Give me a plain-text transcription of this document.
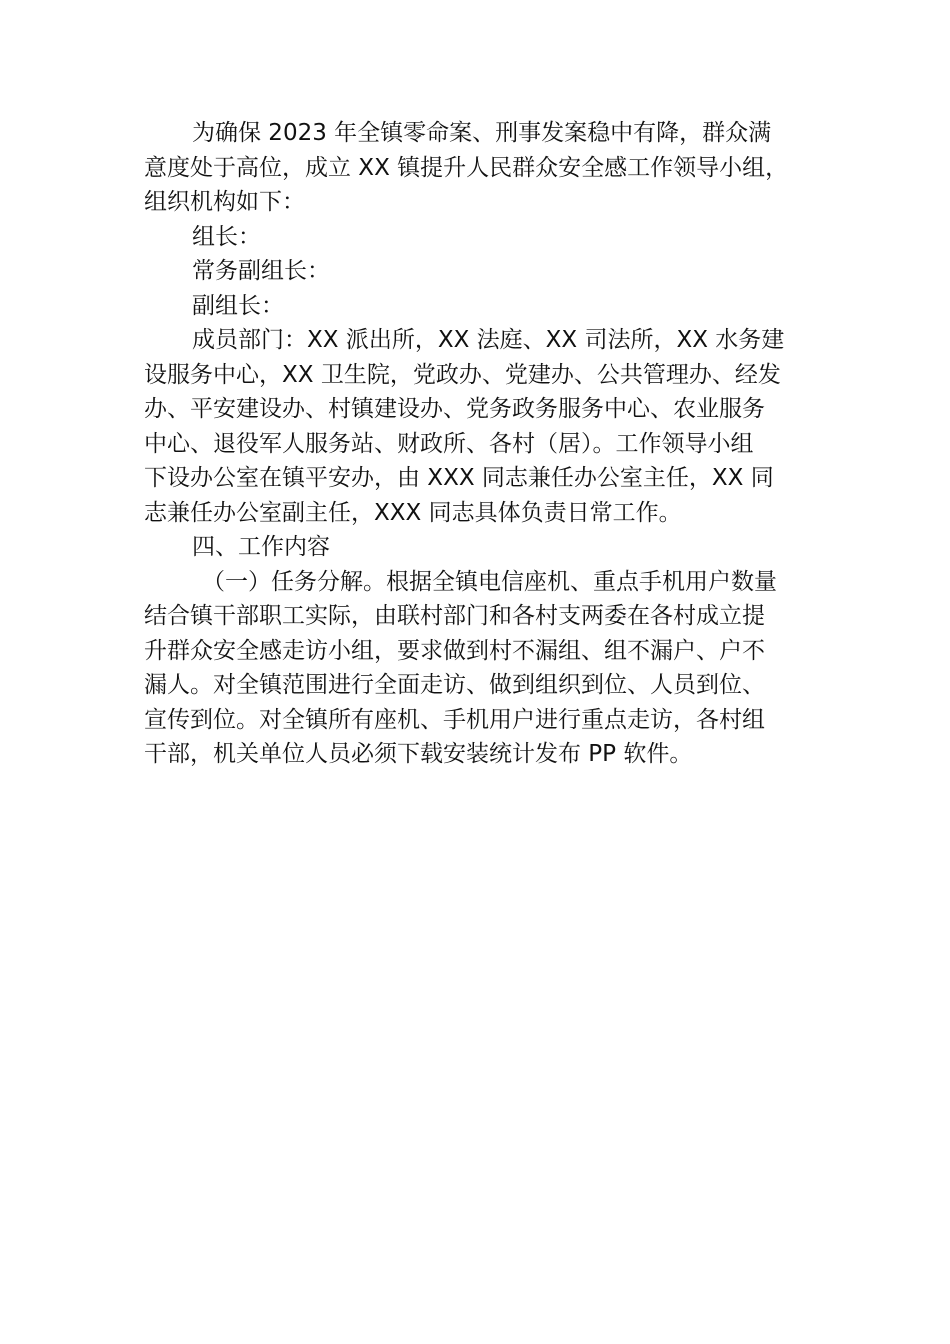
为确保 2023 年全镇零命案、刑事发案稳中有降，群众满
意度处于高位，成立 XX 镇提升人民群众安全感工作领导小组，
组织机构如下：

组长：

常务副组长：

副组长：

成员部门：XX 派出所，XX 法庭、XX 司法所，XX 水务建
设服务中心，XX 卫生院，党政办、党建办、公共管理办、经发
办、平安建设办、村镇建设办、党务政务服务中心、农业服务
中心、退役军人服务站、财政所、各村（居）。工作领导小组
下设办公室在镇平安办，由 XXX 同志兼任办公室主任，XX 同
志兼任办公室副主任，XXX 同志具体负责日常工作。

四、工作内容

（一）任务分解。根据全镇电信座机、重点手机用户数量
结合镇干部职工实际，由联村部门和各村支两委在各村成立提
升群众安全感走访小组，要求做到村不漏组、组不漏户、户不
漏人。对全镇范围进行全面走访、做到组织到位、人员到位、
宣传到位。对全镇所有座机、手机用户进行重点走访，各村组
干部，机关单位人员必须下载安装统计发布 PP 软件。
